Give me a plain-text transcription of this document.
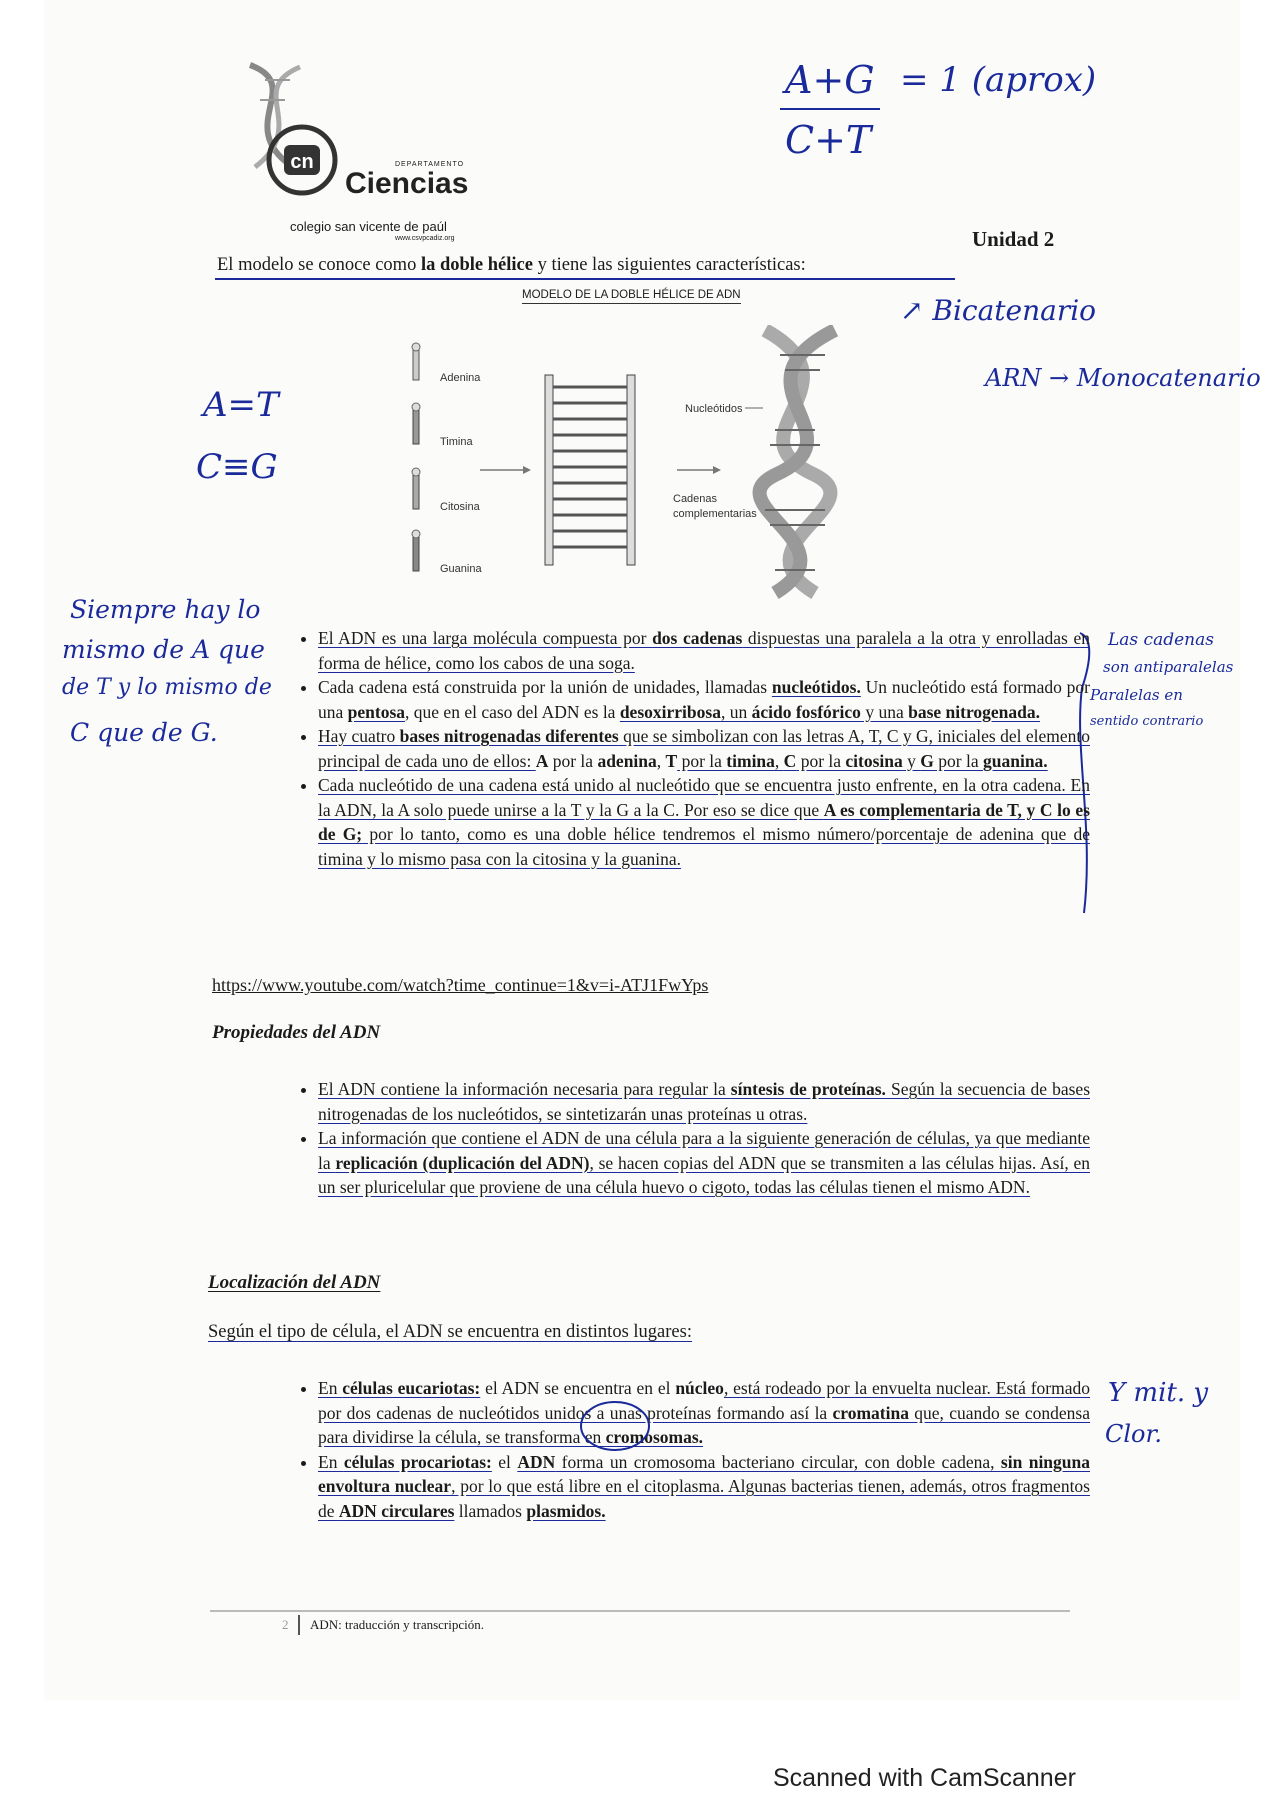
cn	DEPARTAMENTO
Ciencias
colegio san vicente de paúl
www.csvpcadiz.org	Unidad 2
A+G
C+T
= 1 (aprox)
El modelo se conoce como la doble hélice y tiene las siguientes características:
MODELO DE LA DOBLE HÉLICE DE ADN
Adenina
Timina
Citosina
Guanina
Nucleótidos
Cadenas
complementarias
A=T
C≡G
↗ Bicatenario
ARN → Monocatenario
Siempre hay lo
mismo de A que
de T y lo mismo de
C que de G.
Las cadenas
son antiparalelas
Paralelas en
sentido contrario
• El ADN es una larga molécula compuesta por dos cadenas dispuestas una paralela a la otra y enrolladas en forma de hélice, como los cabos de una soga.
• Cada cadena está construida por la unión de unidades, llamadas nucleótidos. Un nucleótido está formado por una pentosa, que en el caso del ADN es la desoxirribosa, un ácido fosfórico y una base nitrogenada.
• Hay cuatro bases nitrogenadas diferentes que se simbolizan con las letras A, T, C y G, iniciales del elemento principal de cada uno de ellos: A por la adenina, T por la timina, C por la citosina y G por la guanina.
• Cada nucleótido de una cadena está unido al nucleótido que se encuentra justo enfrente, en la otra cadena. En la ADN, la A solo puede unirse a la T y la G a la C. Por eso se dice que A es complementaria de T, y C lo es de G; por lo tanto, como es una doble hélice tendremos el mismo número/porcentaje de adenina que de timina y lo mismo pasa con la citosina y la guanina.
https://www.youtube.com/watch?time_continue=1&v=i-ATJ1FwYps
Propiedades del ADN
• El ADN contiene la información necesaria para regular la síntesis de proteínas. Según la secuencia de bases nitrogenadas de los nucleótidos, se sintetizarán unas proteínas u otras.
• La información que contiene el ADN de una célula para a la siguiente generación de células, ya que mediante la replicación (duplicación del ADN), se hacen copias del ADN que se transmiten a las células hijas. Así, en un ser pluricelular que proviene de una célula huevo o cigoto, todas las células tienen el mismo ADN.
Localización del ADN
Según el tipo de célula, el ADN se encuentra en distintos lugares:
• En células eucariotas: el ADN se encuentra en el núcleo, está rodeado por la envuelta nuclear. Está formado por dos cadenas de nucleótidos unidos a unas proteínas formando así la cromatina que, cuando se condensa para dividirse la célula, se transforma en cromosomas.
• En células procariotas: el ADN forma un cromosoma bacteriano circular, con doble cadena, sin ninguna envoltura nuclear, por lo que está libre en el citoplasma. Algunas bacterias tienen, además, otros fragmentos de ADN circulares llamados plasmidos.
Y mit. y
Clor.
2 ADN: traducción y transcripción.
Scanned with CamScanner
